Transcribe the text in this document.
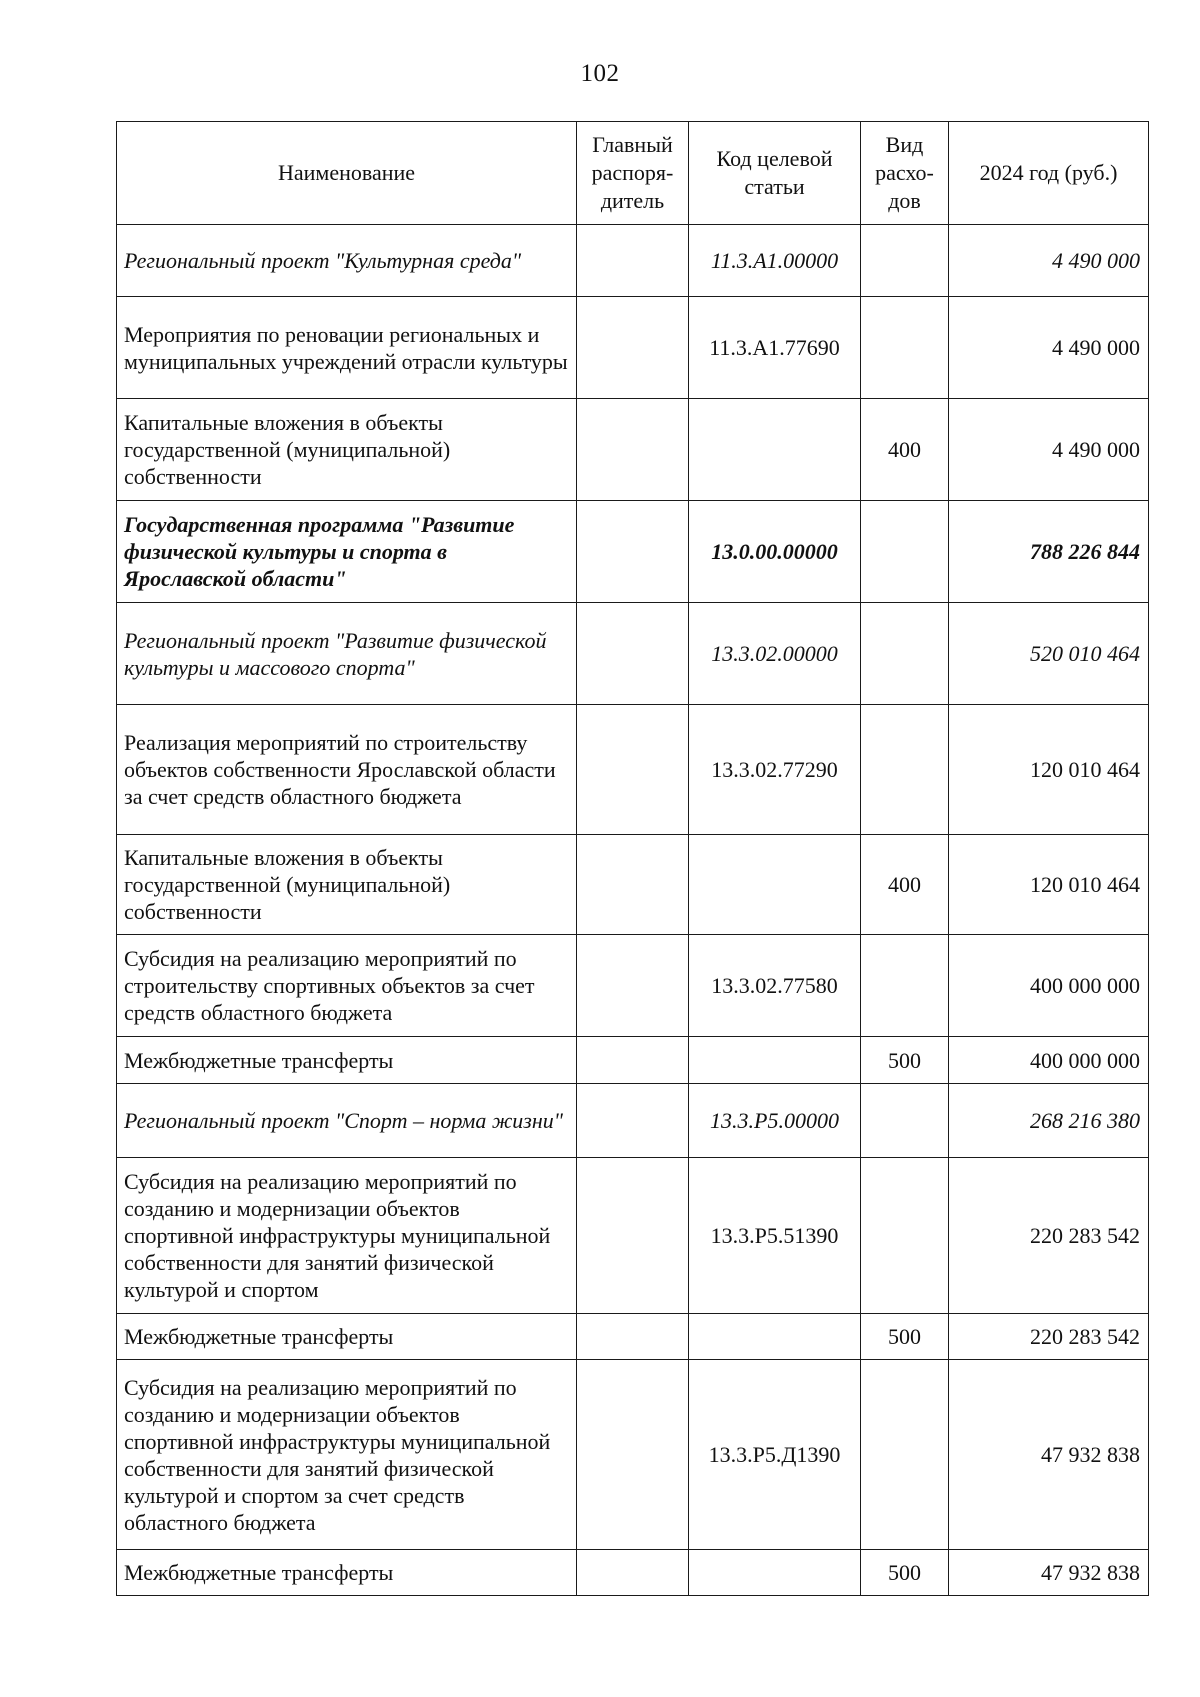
102
Наименование	Главный распоря-дитель	Код целевой статьи	Вид расхо-дов	2024 год (руб.)
Региональный проект "Культурная среда"		11.3.А1.00000		4 490 000
Мероприятия по реновации региональных и муниципальных учреждений отрасли культуры		11.3.А1.77690		4 490 000
Капитальные вложения в объекты государственной (муниципальной) собственности			400	4 490 000
Государственная программа "Развитие физической культуры и спорта в Ярославской области"		13.0.00.00000		788 226 844
Региональный проект "Развитие физической культуры и массового спорта"		13.3.02.00000		520 010 464
Реализация мероприятий по строительству объектов собственности Ярославской области за счет средств областного бюджета		13.3.02.77290		120 010 464
Капитальные вложения в объекты государственной (муниципальной) собственности			400	120 010 464
Субсидия на реализацию мероприятий по строительству спортивных объектов за счет средств областного бюджета		13.3.02.77580		400 000 000
Межбюджетные трансферты			500	400 000 000
Региональный проект "Спорт – норма жизни"		13.3.P5.00000		268 216 380
Субсидия на реализацию мероприятий по созданию и модернизации объектов спортивной инфраструктуры муниципальной собственности для занятий физической культурой и спортом		13.3.P5.51390		220 283 542
Межбюджетные трансферты			500	220 283 542
Субсидия на реализацию мероприятий по созданию и модернизации объектов спортивной инфраструктуры муниципальной собственности для занятий физической культурой и спортом за счет средств областного бюджета		13.3.P5.Д1390		47 932 838
Межбюджетные трансферты			500	47 932 838
